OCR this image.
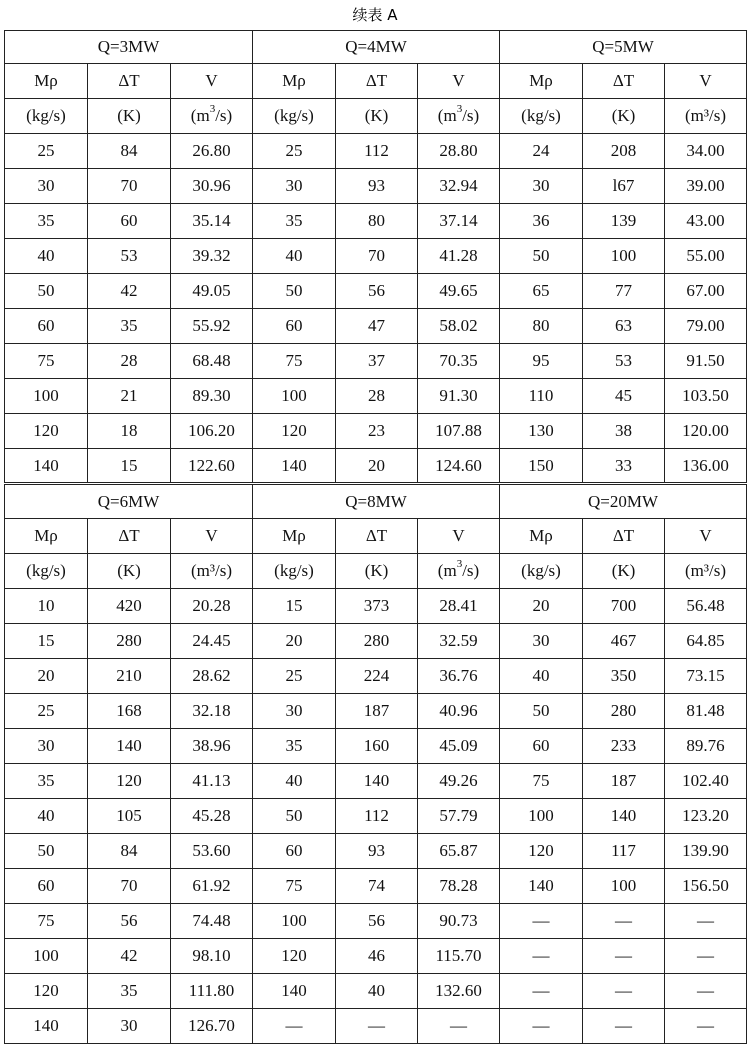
续表 A
Q=3MW			Q=4MW			Q=5MW		
Mρ	ΔT	V	Mρ	ΔT	V	Mρ	ΔT	V
(kg/s)	(K)	$(m^3/s)$	(kg/s)	(K)	$(m^3/s)$	(kg/s)	(K)	(m³/s)
25	84	26.80	25	112	28.80	24	208	34.00
30	70	30.96	30	93	32.94	30	l67	39.00
35	60	35.14	35	80	37.14	36	139	43.00
40	53	39.32	40	70	41.28	50	100	55.00
50	42	49.05	50	56	49.65	65	77	67.00
60	35	55.92	60	47	58.02	80	63	79.00
75	28	68.48	75	37	70.35	95	53	91.50
100	21	89.30	100	28	91.30	110	45	103.50
120	18	106.20	120	23	107.88	130	38	120.00
140	15	122.60	140	20	124.60	150	33	136.00
Q=6MW			Q=8MW			Q=20MW		
Mρ	ΔT	V	Mρ	ΔT	V	Mρ	ΔT	V
(kg/s)	(K)	(m³/s)	(kg/s)	(K)	$(m^3/s)$	(kg/s)	(K)	(m³/s)
10	420	20.28	15	373	28.41	20	700	56.48
15	280	24.45	20	280	32.59	30	467	64.85
20	210	28.62	25	224	36.76	40	350	73.15
25	168	32.18	30	187	40.96	50	280	81.48
30	140	38.96	35	160	45.09	60	233	89.76
35	120	41.13	40	140	49.26	75	187	102.40
40	105	45.28	50	112	57.79	100	140	123.20
50	84	53.60	60	93	65.87	120	117	139.90
60	70	61.92	75	74	78.28	140	100	156.50
75	56	74.48	100	56	90.73	—	—	—
100	42	98.10	120	46	115.70	—	—	—
120	35	111.80	140	40	132.60	—	—	—
140	30	126.70	—	—	—	—	—	—
